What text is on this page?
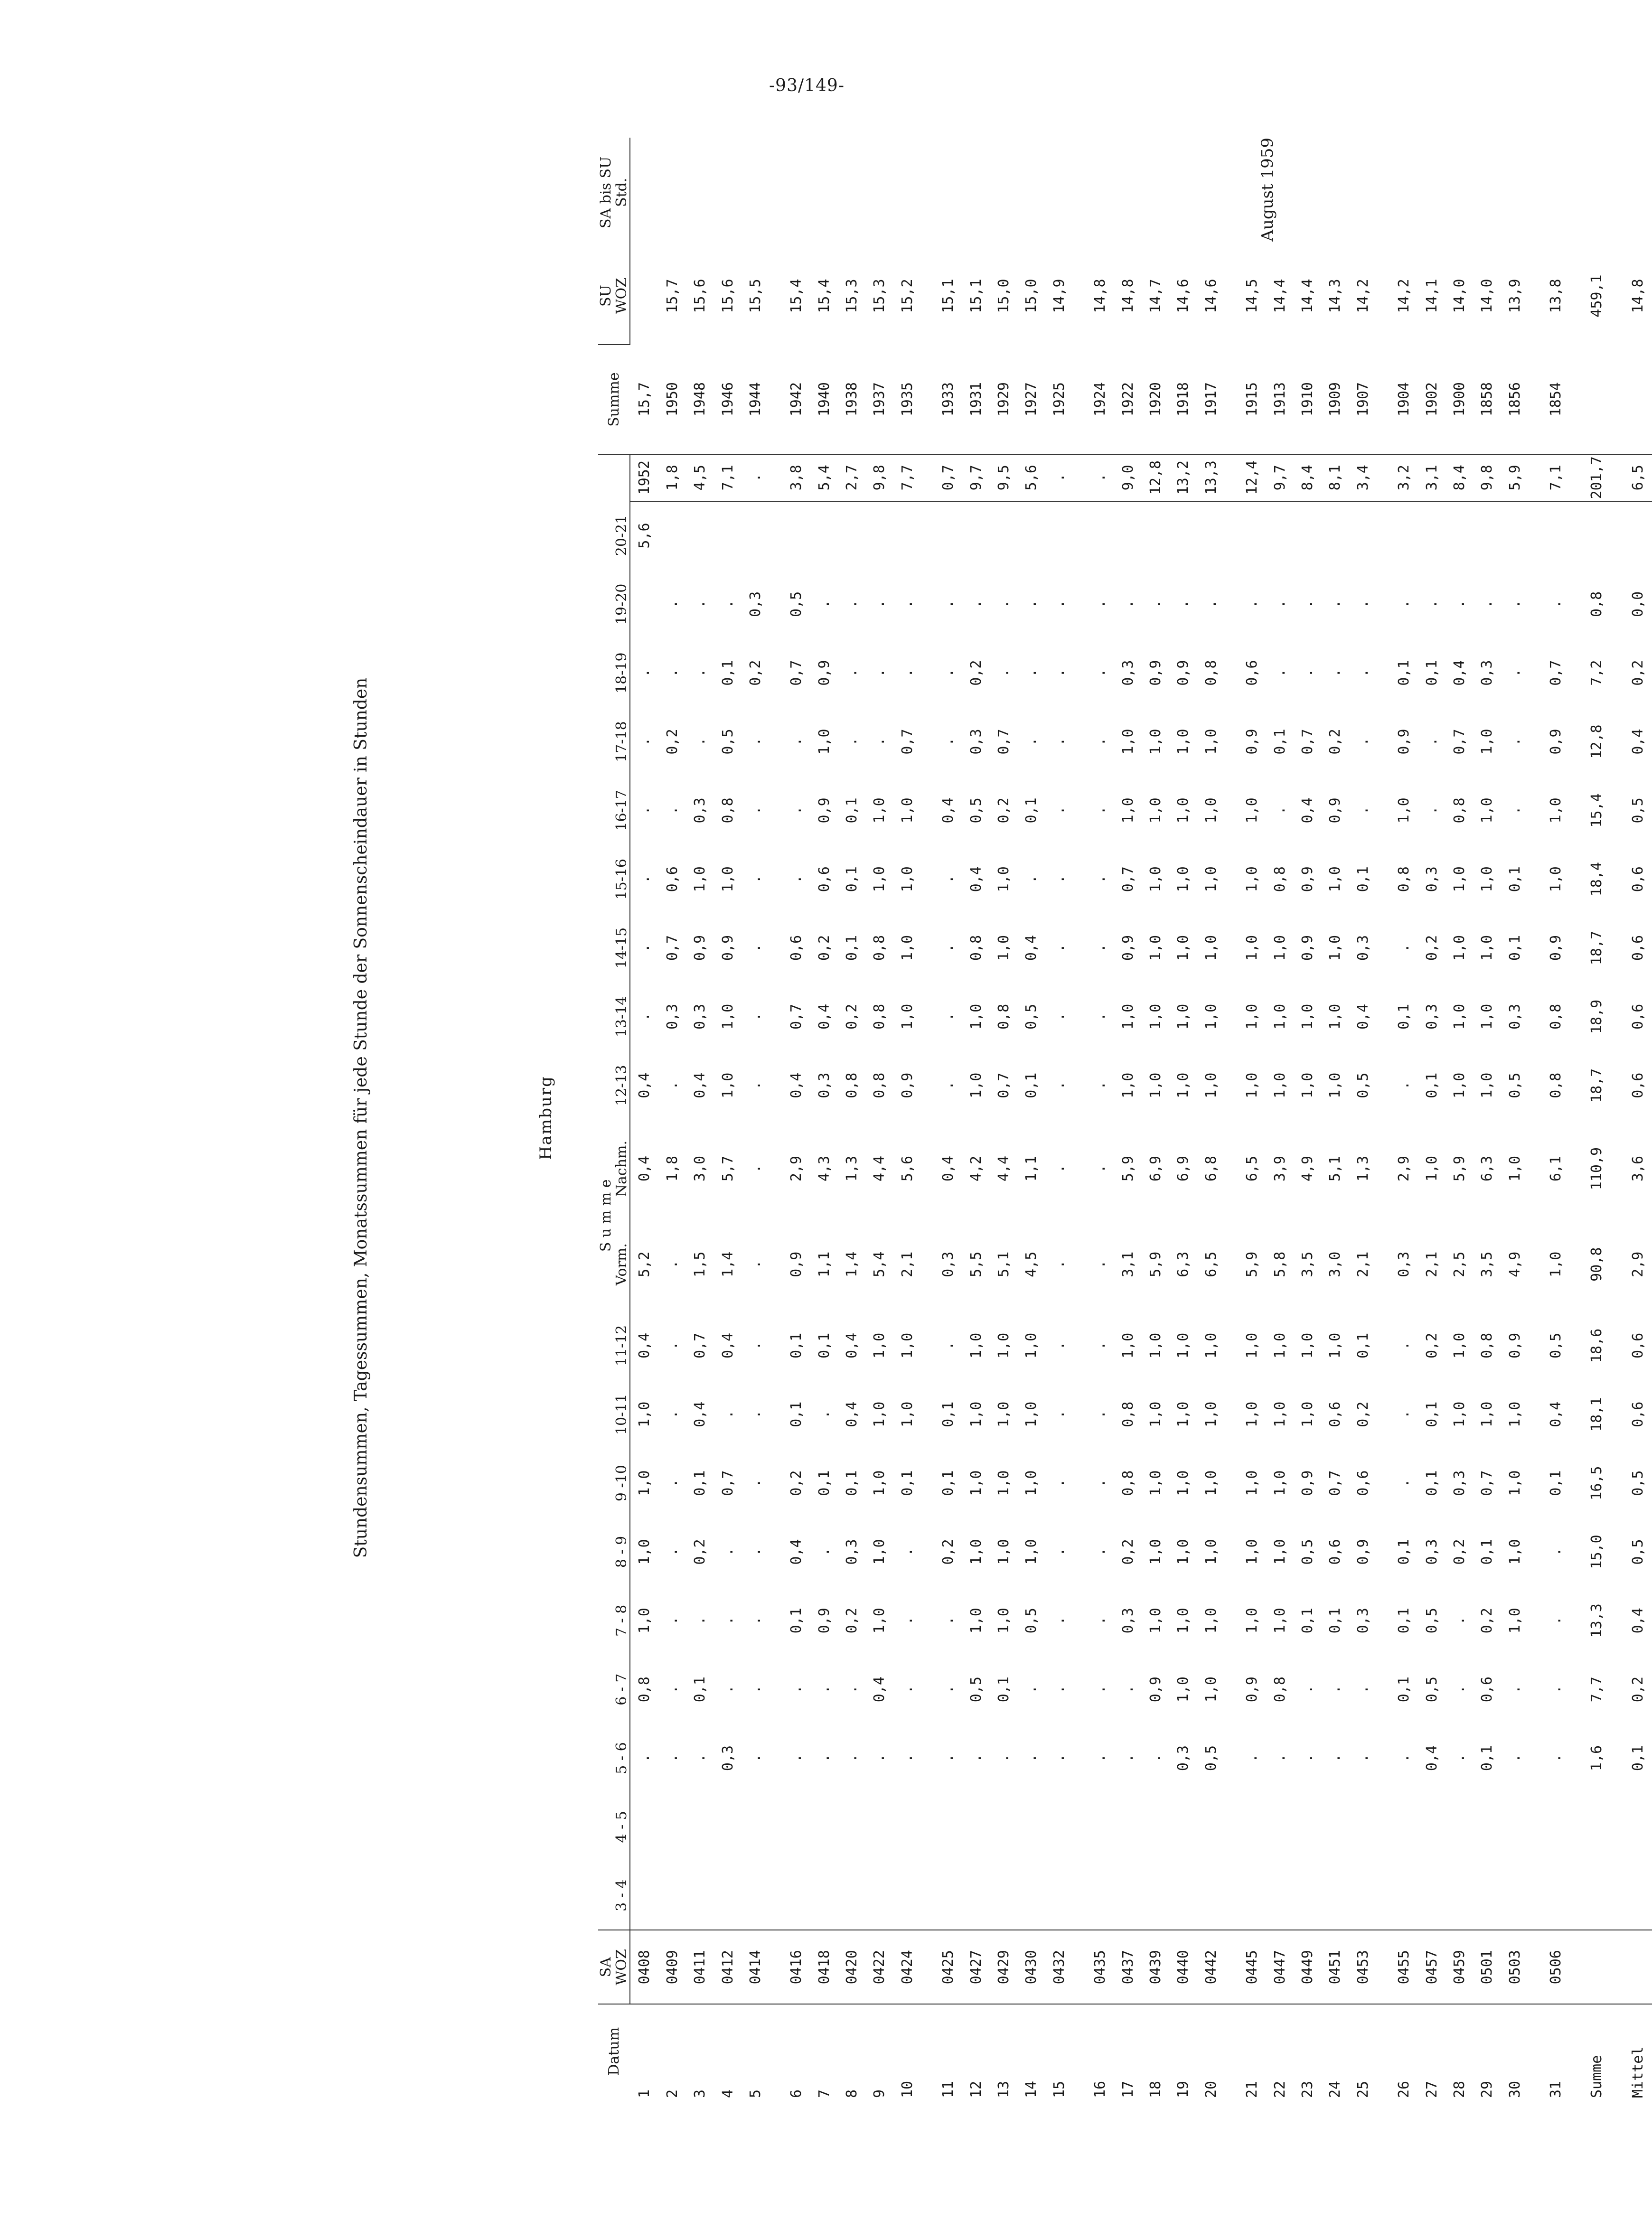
-93/149-
Stundensummen, Tagessummen, Monatssummen für jede Stunde der Sonnenscheindauer in Stunden	Hamburg
August 1959
Datum	SA										S u m m e												Summe	SU	SA bis SU
	WOZ	3 - 4	4 - 5	5 - 6	6 - 7	7 - 8	8 - 9	9 -10	10-11	11-12	Vorm.	Nachm.	12-13	13-14	14-15	15-16	16-17	17-18	18-19	19-20	20-21			WOZ	Std.
1	0408			.	0,8	1,0	1,0	1,0	1,0	0,4	5,2	0,4	0,4	.	.	.	.	.	.		5,6	1952	15,7		
2	0409			.	.	.	.	.	.	.	.	1,8	.	0,3	0,7	0,6	.	0,2	.	.		1,8	1950	15,7	
3	0411			.	0,1	.	0,2	0,1	0,4	0,7	1,5	3,0	0,4	0,3	0,9	1,0	0,3	.	.	.		4,5	1948	15,6	
4	0412			0,3	.	.	.	0,7	.	0,4	1,4	5,7	1,0	1,0	0,9	1,0	0,8	0,5	0,1	.		7,1	1946	15,6	
5	0414			.	.	.	.	.	.	.	.	.	.	.	.	.	.	.	0,2	0,3		.	1944	15,5	

6	0416			.	.	0,1	0,4	0,2	0,1	0,1	0,9	2,9	0,4	0,7	0,6	.	.	.	0,7	0,5		3,8	1942	15,4	
7	0418			.	.	0,9	.	0,1	.	0,1	1,1	4,3	0,3	0,4	0,2	0,6	0,9	1,0	0,9	.		5,4	1940	15,4	
8	0420			.	.	0,2	0,3	0,1	0,4	0,4	1,4	1,3	0,8	0,2	0,1	0,1	0,1	.	.	.		2,7	1938	15,3	
9	0422			.	0,4	1,0	1,0	1,0	1,0	1,0	5,4	4,4	0,8	0,8	0,8	1,0	1,0	.	.	.		9,8	1937	15,3	
10	0424			.	.	.	.	0,1	1,0	1,0	2,1	5,6	0,9	1,0	1,0	1,0	1,0	0,7	.	.		7,7	1935	15,2	

11	0425			.	.	.	0,2	0,1	0,1	.	0,3	0,4	.	.	.	.	0,4	.	.	.		0,7	1933	15,1	
12	0427			.	0,5	1,0	1,0	1,0	1,0	1,0	5,5	4,2	1,0	1,0	0,8	0,4	0,5	0,3	0,2	.		9,7	1931	15,1	
13	0429			.	0,1	1,0	1,0	1,0	1,0	1,0	5,1	4,4	0,7	0,8	1,0	1,0	0,2	0,7	.	.		9,5	1929	15,0	
14	0430			.	.	0,5	1,0	1,0	1,0	1,0	4,5	1,1	0,1	0,5	0,4	.	0,1	.	.	.		5,6	1927	15,0	
15	0432			.	.	.	.	.	.	.	.	.	.	.	.	.	.	.	.	.		.	1925	14,9	

16	0435			.	.	.	.	.	.	.	.	.	.	.	.	.	.	.	.	.		.	1924	14,8	
17	0437			.	.	0,3	0,2	0,8	0,8	1,0	3,1	5,9	1,0	1,0	0,9	0,7	1,0	1,0	0,3	.		9,0	1922	14,8	
18	0439			.	0,9	1,0	1,0	1,0	1,0	1,0	5,9	6,9	1,0	1,0	1,0	1,0	1,0	1,0	0,9	.		12,8	1920	14,7	
19	0440			0,3	1,0	1,0	1,0	1,0	1,0	1,0	6,3	6,9	1,0	1,0	1,0	1,0	1,0	1,0	0,9	.		13,2	1918	14,6	
20	0442			0,5	1,0	1,0	1,0	1,0	1,0	1,0	6,5	6,8	1,0	1,0	1,0	1,0	1,0	1,0	0,8	.		13,3	1917	14,6	

21	0445			.	0,9	1,0	1,0	1,0	1,0	1,0	5,9	6,5	1,0	1,0	1,0	1,0	1,0	0,9	0,6	.		12,4	1915	14,5	
22	0447			.	0,8	1,0	1,0	1,0	1,0	1,0	5,8	3,9	1,0	1,0	1,0	0,8	.	0,1	.	.		9,7	1913	14,4	
23	0449			.	.	0,1	0,5	0,9	1,0	1,0	3,5	4,9	1,0	1,0	0,9	0,9	0,4	0,7	.	.		8,4	1910	14,4	
24	0451			.	.	0,1	0,6	0,7	0,6	1,0	3,0	5,1	1,0	1,0	1,0	1,0	0,9	0,2	.	.		8,1	1909	14,3	
25	0453			.	.	0,3	0,9	0,6	0,2	0,1	2,1	1,3	0,5	0,4	0,3	0,1	.	.	.	.		3,4	1907	14,2	

26	0455			.	0,1	0,1	0,1	.	.	.	0,3	2,9	.	0,1	.	0,8	1,0	0,9	0,1	.		3,2	1904	14,2	
27	0457			0,4	0,5	0,5	0,3	0,1	0,1	0,2	2,1	1,0	0,1	0,3	0,2	0,3	.	.	0,1	.		3,1	1902	14,1	
28	0459			.	.	.	0,2	0,3	1,0	1,0	2,5	5,9	1,0	1,0	1,0	1,0	0,8	0,7	0,4	.		8,4	1900	14,0	
29	0501			0,1	0,6	0,2	0,1	0,7	1,0	0,8	3,5	6,3	1,0	1,0	1,0	1,0	1,0	1,0	0,3	.		9,8	1858	14,0	
30	0503			.	.	1,0	1,0	1,0	1,0	0,9	4,9	1,0	0,5	0,3	0,1	0,1	.	.	.	.		5,9	1856	13,9	

31	0506			.	.	.	.	0,1	0,4	0,5	1,0	6,1	0,8	0,8	0,9	1,0	1,0	0,9	0,7	.		7,1	1854	13,8	

Summe				1,6	7,7	13,3	15,0	16,5	18,1	18,6	90,8	110,9	18,7	18,9	18,7	18,4	15,4	12,8	7,2	0,8		201,7		459,1	

Mittel				0,1	0,2	0,4	0,5	0,5	0,6	0,6	2,9	3,6	0,6	0,6	0,6	0,6	0,5	0,4	0,2	0,0		6,5		14,8	
